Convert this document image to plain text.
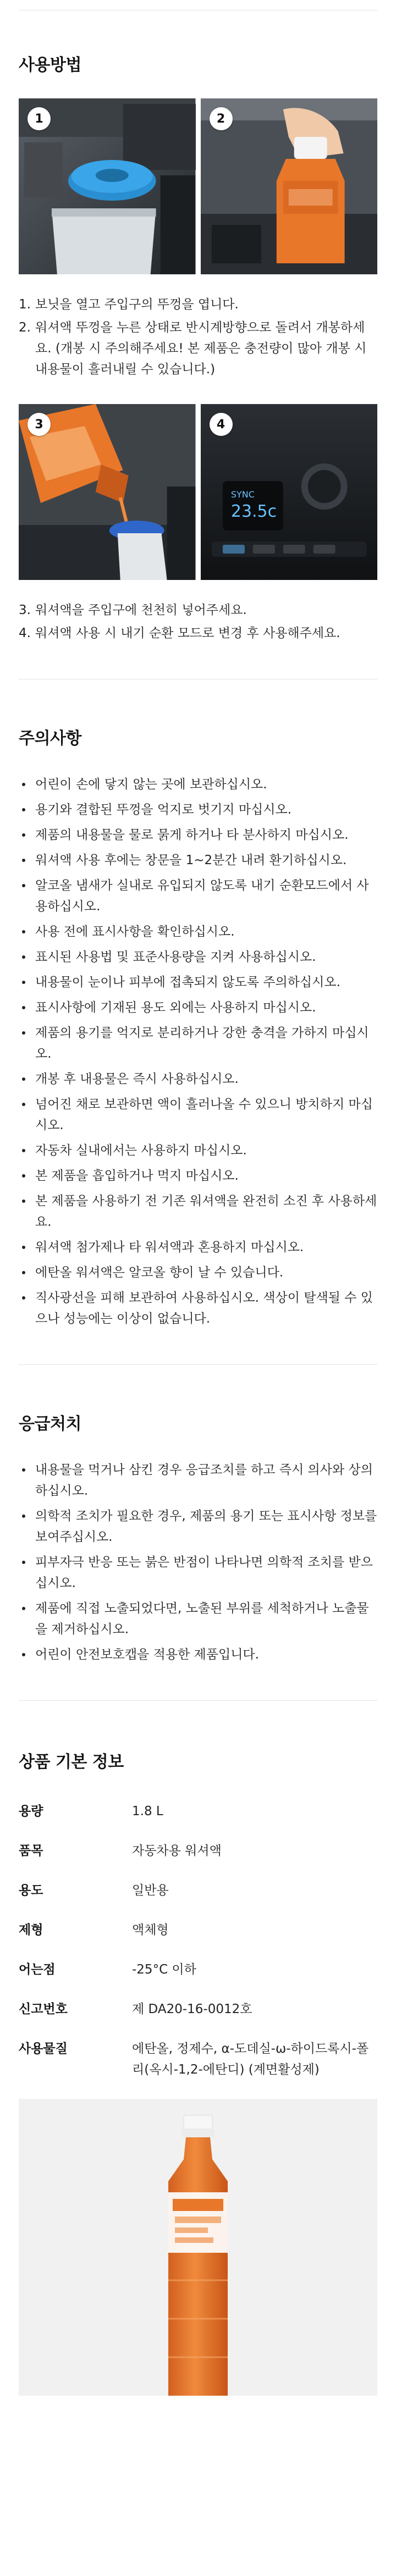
사용방법
1	2
1. 보닛을 열고 주입구의 뚜껑을 엽니다.
2. 워셔액 뚜껑을 누른 상태로 반시계방향으로 돌려서 개봉하세요. (개봉 시 주의해주세요! 본 제품은 충전량이 많아 개봉 시 내용물이 흘러내릴 수 있습니다.)
3
SYNC
23.5c
4
3. 워셔액을 주입구에 천천히 넣어주세요.
4. 워셔액 사용 시 내기 순환 모드로 변경 후 사용해주세요.
주의사항
어린이 손에 닿지 않는 곳에 보관하십시오.
용기와 결합된 뚜껑을 억지로 벗기지 마십시오.
제품의 내용물을 물로 묽게 하거나 타 분사하지 마십시오.
워셔액 사용 후에는 창문을 1~2분간 내려 환기하십시오.
알코올 냄새가 실내로 유입되지 않도록 내기 순환모드에서 사용하십시오.
사용 전에 표시사항을 확인하십시오.
표시된 사용법 및 표준사용량을 지켜 사용하십시오.
내용물이 눈이나 피부에 접촉되지 않도록 주의하십시오.
표시사항에 기재된 용도 외에는 사용하지 마십시오.
제품의 용기를 억지로 분리하거나 강한 충격을 가하지 마십시오.
개봉 후 내용물은 즉시 사용하십시오.
넘어진 채로 보관하면 액이 흘러나올 수 있으니 방치하지 마십시오.
자동차 실내에서는 사용하지 마십시오.
본 제품을 흡입하거나 먹지 마십시오.
본 제품을 사용하기 전 기존 워셔액을 완전히 소진 후 사용하세요.
워셔액 첨가제나 타 워셔액과 혼용하지 마십시오.
에탄올 워셔액은 알코올 향이 날 수 있습니다.
직사광선을 피해 보관하여 사용하십시오. 색상이 탈색될 수 있으나 성능에는 이상이 없습니다.
응급처치
내용물을 먹거나 삼킨 경우 응급조치를 하고 즉시 의사와 상의하십시오.
의학적 조치가 필요한 경우, 제품의 용기 또는 표시사항 정보를 보여주십시오.
피부자극 반응 또는 붉은 반점이 나타나면 의학적 조치를 받으십시오.
제품에 직접 노출되었다면, 노출된 부위를 세척하거나 노출물을 제거하십시오.
어린이 안전보호캡을 적용한 제품입니다.
상품 기본 정보
용량	1.8 L
품목	자동차용 워셔액
용도	일반용
제형	액체형
어는점	-25°C 이하
신고번호	제 DA20-16-0012호
사용물질	에탄올, 정제수, α-도데실-ω-하이드록시-폴리(옥시-1,2-에탄디) (계면활성제)
